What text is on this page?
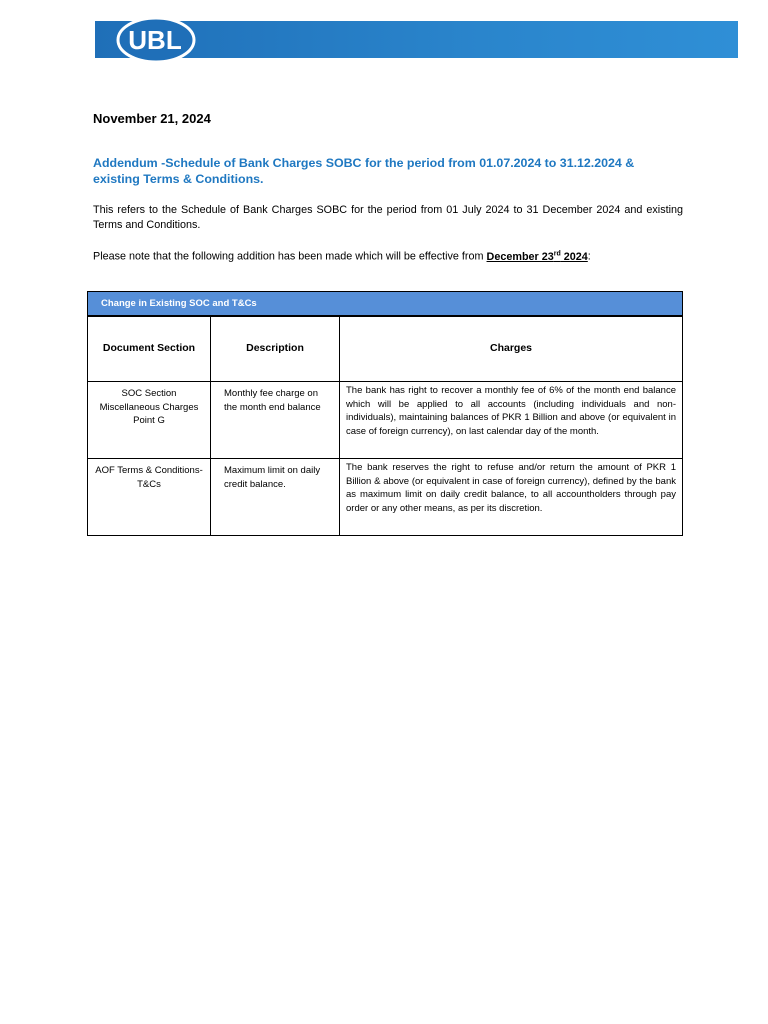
where you come first
UBL
November 21, 2024
Addendum -Schedule of Bank Charges SOBC for the period from 01.07.2024 to 31.12.2024 & existing Terms & Conditions.
This refers to the Schedule of Bank Charges SOBC for the period from 01 July 2024 to 31 December 2024 and existing Terms and Conditions.
Please note that the following addition has been made which will be effective from December 23rd 2024:
Change in Existing SOC and T&Cs
Document Section	Description	Charges
SOC Section Miscellaneous Charges Point G	Monthly fee charge on the month end balance	The bank has right to recover a monthly fee of 6% of the month end balance which will be applied to all accounts (including individuals and non-individuals), maintaining balances of PKR 1 Billion and above (or equivalent in case of foreign currency), on last calendar day of the month.
AOF Terms & Conditions- T&Cs	Maximum limit on daily credit balance.	The bank reserves the right to refuse and/or return the amount of PKR 1 Billion & above (or equivalent in case of foreign currency), defined by the bank as maximum limit on daily credit balance, to all accountholders through pay order or any other means, as per its discretion.
